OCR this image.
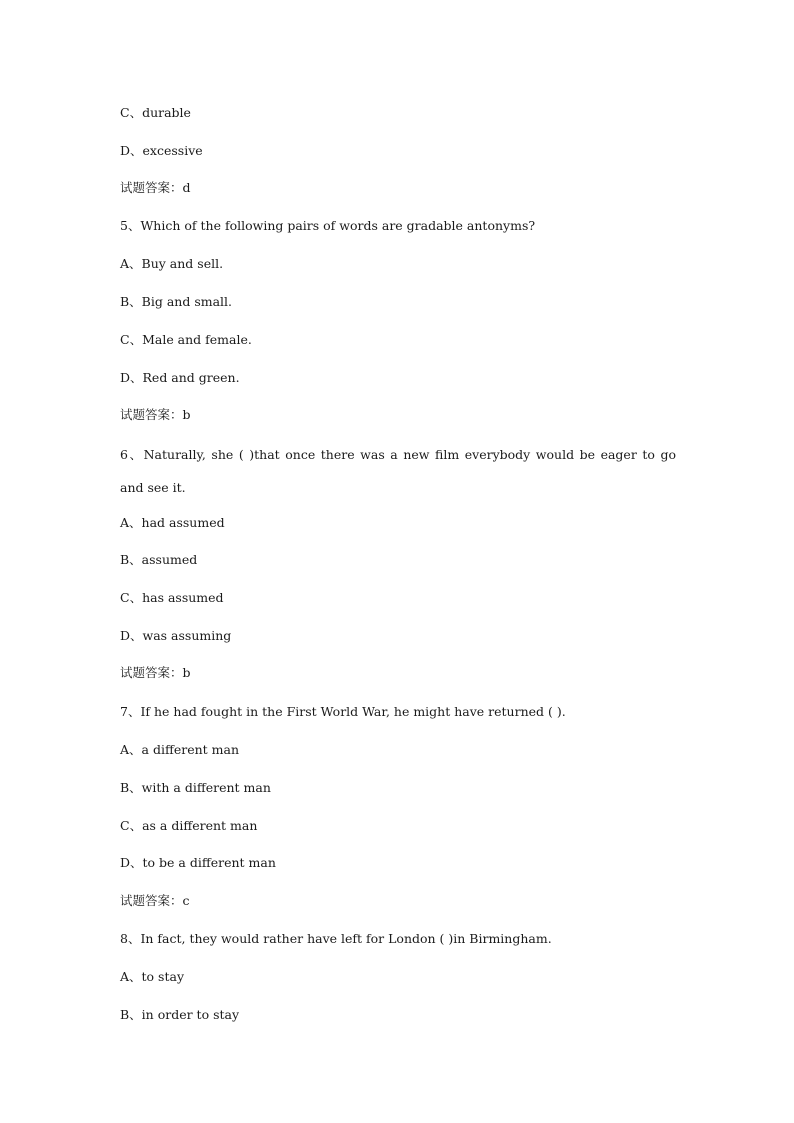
C、durable
D、excessive
试题答案：d
5、Which of the following pairs of words are gradable antonyms?
A、Buy and sell.
B、Big and small.
C、Male and female.
D、Red and green.
试题答案：b
6、Naturally, she ( )that once there was a new film everybody would be eager to go and see it.
A、had assumed
B、assumed
C、has assumed
D、was assuming
试题答案：b
7、If he had fought in the First World War, he might have returned ( ).
A、a different man
B、with a different man
C、as a different man
D、to be a different man
试题答案：c
8、In fact, they would rather have left for London ( )in Birmingham.
A、to stay
B、in order to stay
